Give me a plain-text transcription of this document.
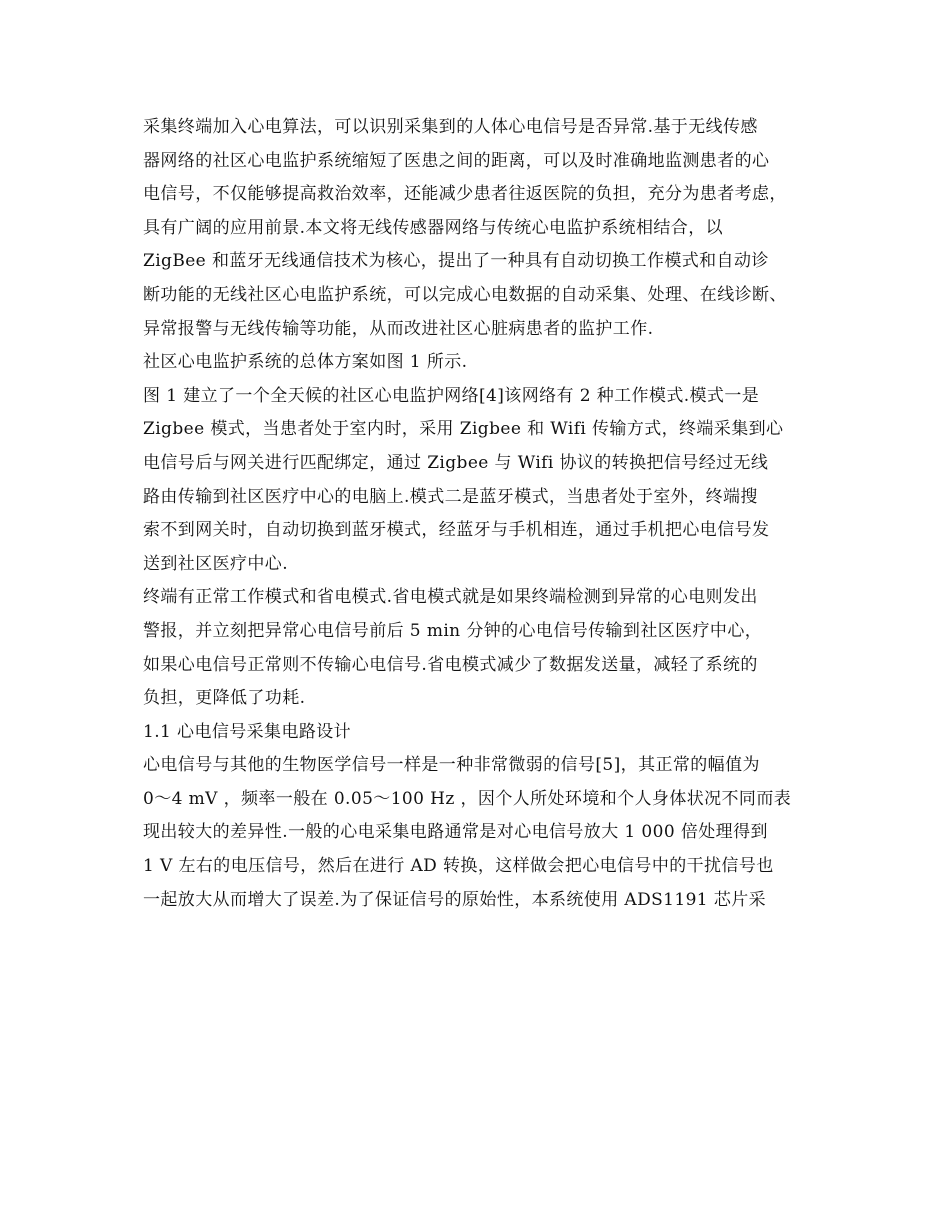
采集终端加入心电算法，可以识别采集到的人体心电信号是否异常.基于无线传感
器网络的社区心电监护系统缩短了医患之间的距离，可以及时准确地监测患者的心
电信号，不仅能够提高救治效率，还能减少患者往返医院的负担，充分为患者考虑，
具有广阔的应用前景.本文将无线传感器网络与传统心电监护系统相结合，以
ZigBee 和蓝牙无线通信技术为核心，提出了一种具有自动切换工作模式和自动诊
断功能的无线社区心电监护系统，可以完成心电数据的自动采集、处理、在线诊断、
异常报警与无线传输等功能，从而改进社区心脏病患者的监护工作.
社区心电监护系统的总体方案如图 1 所示.
图 1 建立了一个全天候的社区心电监护网络[4]该网络有 2 种工作模式.模式一是
Zigbee 模式，当患者处于室内时，采用 Zigbee 和 Wifi 传输方式，终端采集到心
电信号后与网关进行匹配绑定，通过 Zigbee 与 Wifi 协议的转换把信号经过无线
路由传输到社区医疗中心的电脑上.模式二是蓝牙模式，当患者处于室外，终端搜
索不到网关时，自动切换到蓝牙模式，经蓝牙与手机相连，通过手机把心电信号发
送到社区医疗中心.
终端有正常工作模式和省电模式.省电模式就是如果终端检测到异常的心电则发出
警报，并立刻把异常心电信号前后 5 min 分钟的心电信号传输到社区医疗中心，
如果心电信号正常则不传输心电信号.省电模式减少了数据发送量，减轻了系统的
负担，更降低了功耗.
1.1 心电信号采集电路设计
心电信号与其他的生物医学信号一样是一种非常微弱的信号[5]，其正常的幅值为
0～4 mV ，频率一般在 0.05～100 Hz ，因个人所处环境和个人身体状况不同而表
现出较大的差异性.一般的心电采集电路通常是对心电信号放大 1 000 倍处理得到
1 V 左右的电压信号，然后在进行 AD 转换，这样做会把心电信号中的干扰信号也
一起放大从而增大了误差.为了保证信号的原始性，本系统使用 ADS1191 芯片采
